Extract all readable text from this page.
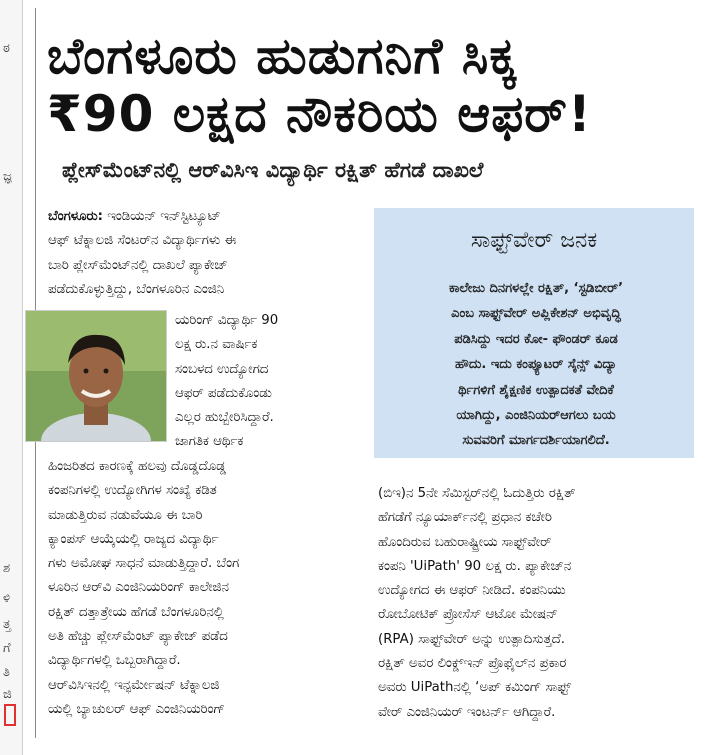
ಠ
ಜ್ಞ
ಶ
ಳಿ
ತ್ತ
ಗೆ
ತಿ
ಜಿ
ಬೆಂಗಳೂರು ಹುಡುಗನಿಗೆ ಸಿಕ್ಕ
₹90 ಲಕ್ಷದ ನೌಕರಿಯ ಆಫರ್!
ಪ್ಲೇಸ್‌ಮೆಂಟ್‌ನಲ್ಲಿ ಆರ್‌ವಿಸಿಇ ವಿದ್ಯಾರ್ಥಿ ರಕ್ಷಿತ್ ಹೆಗಡೆ ದಾಖಲೆ

ಬೆಂಗಳೂರು: ಇಂಡಿಯನ್ ಇನ್‌ಸ್ಟಿಟ್ಯೂಟ್

ಆಫ್ ಟೆಕ್ನಾಲಜಿ ಸೆಂಟರ್‌ನ ವಿದ್ಯಾರ್ಥಿಗಳು ಈ

ಬಾರಿ ಪ್ಲೇಸ್‌ಮೆಂಟ್‌ನಲ್ಲಿ ದಾಖಲೆ ಪ್ಯಾಕೇಜ್

ಪಡೆದುಕೊಳ್ಳುತ್ತಿದ್ದು, ಬೆಂಗಳೂರಿನ ಎಂಜಿನಿ

ಯರಿಂಗ್ ವಿದ್ಯಾರ್ಥಿ 90

ಲಕ್ಷ ರು.ನ ವಾರ್ಷಿಕ

ಸಂಬಳದ ಉದ್ಯೋಗದ

ಆಫರ್ ಪಡೆದುಕೊಂಡು

ಎಲ್ಲರ ಹುಬ್ಬೇರಿಸಿದ್ದಾರೆ.

ಜಾಗತಿಕ ಆರ್ಥಿಕ

ಹಿಂಜರಿತದ ಕಾರಣಕ್ಕೆ ಹಲವು ದೊಡ್ಡದೊಡ್ಡ

ಕಂಪನಿಗಳಲ್ಲಿ ಉದ್ಯೋಗಿಗಳ ಸಂಖ್ಯೆ ಕಡಿತ

ಮಾಡುತ್ತಿರುವ ನಡುವೆಯೂ ಈ ಬಾರಿ

ಕ್ಯಾಂಪಸ್ ಆಯ್ಕೆಯಲ್ಲಿ ರಾಜ್ಯದ ವಿದ್ಯಾರ್ಥಿ

ಗಳು ಅಮೋಘ ಸಾಧನೆ ಮಾಡುತ್ತಿದ್ದಾರೆ. ಬೆಂಗ

ಳೂರಿನ ಆರ್‌ವಿ ಎಂಜಿನಿಯರಿಂಗ್ ಕಾಲೇಜಿನ

ರಕ್ಷಿತ್ ದತ್ತಾತ್ರೇಯ ಹೆಗಡೆ ಬೆಂಗಳೂರಿನಲ್ಲಿ

ಅತಿ ಹೆಚ್ಚು ಪ್ಲೇಸ್‌ಮೆಂಟ್ ಪ್ಯಾಕೇಜ್ ಪಡೆದ

ವಿದ್ಯಾರ್ಥಿಗಳಲ್ಲಿ ಒಬ್ಬರಾಗಿದ್ದಾರೆ.

ಆರ್‌ವಿಸಿಇನಲ್ಲಿ ಇನ್ಫರ್ಮೇಷನ್ ಟೆಕ್ನಾಲಜಿ

ಯಲ್ಲಿ ಬ್ಯಾಚುಲರ್ ಆಫ್ ಎಂಜಿನಿಯರಿಂಗ್

ಸಾಫ್ಟ್‌ವೇರ್ ಜನಕ

ಕಾಲೇಜು ದಿನಗಳಲ್ಲೇ ರಕ್ಷಿತ್, ‘ಸ್ಟಡಿಬೀರ್’

ಎಂಬ ಸಾಫ್ಟ್‌ವೇರ್ ಅಪ್ಲಿಕೇಶನ್ ಅಭಿವೃದ್ಧಿ

ಪಡಿಸಿದ್ದು ಇದರ ಕೋ- ಫೌಂಡರ್ ಕೂಡ

ಹೌದು. ಇದು ಕಂಪ್ಯೂಟರ್ ಸೈನ್ಸ್ ವಿದ್ಯಾ

ರ್ಥಿಗಳಿಗೆ ಶೈಕ್ಷಣಿಕ ಉತ್ಪಾದಕತೆ ವೇದಿಕೆ

ಯಾಗಿದ್ದು, ಎಂಜಿನಿಯರ್‌ಆಗಲು ಬಯ

ಸುವವರಿಗೆ ಮಾರ್ಗದರ್ಶಿಯಾಗಲಿದೆ.

(ಬಿಇ)ನ 5ನೇ ಸೆಮಿಸ್ಟರ್‌ನಲ್ಲಿ ಓದುತ್ತಿರು ರಕ್ಷಿತ್

ಹೆಗಡೆಗೆ ನ್ಯೂಯಾರ್ಕ್‌ನಲ್ಲಿ ಪ್ರಧಾನ ಕಚೇರಿ

ಹೊಂದಿರುವ ಬಹುರಾಷ್ಟ್ರೀಯ ಸಾಫ್ಟ್‌ವೇರ್

ಕಂಪನಿ 'UiPath' 90 ಲಕ್ಷ ರು. ಪ್ಯಾಕೇಜ್‌ನ

ಉದ್ಯೋಗದ ಈ ಆಫರ್ ನೀಡಿದೆ. ಕಂಪನಿಯು

ರೋಬೋಟಿಕ್ ಪ್ರೋಸೆಸ್ ಆಟೋ ಮೇಷನ್

(RPA) ಸಾಫ್ಟ್‌ವೇರ್ ಅನ್ನು ಉತ್ಪಾದಿಸುತ್ತದೆ.

ರಕ್ಷಿತ್ ಅವರ ಲಿಂಕ್ಡ್‌ಇನ್ ಪ್ರೊಫೈಲ್‌ನ ಪ್ರಕಾರ

ಅವರು UiPathನಲ್ಲಿ ‘ಅಪ್ ಕಮಿಂಗ್ ಸಾಫ್ಟ್

ವೇರ್ ಎಂಜಿನಿಯರ್ ಇಂಟರ್ನ್ ಆಗಿದ್ದಾರೆ.
